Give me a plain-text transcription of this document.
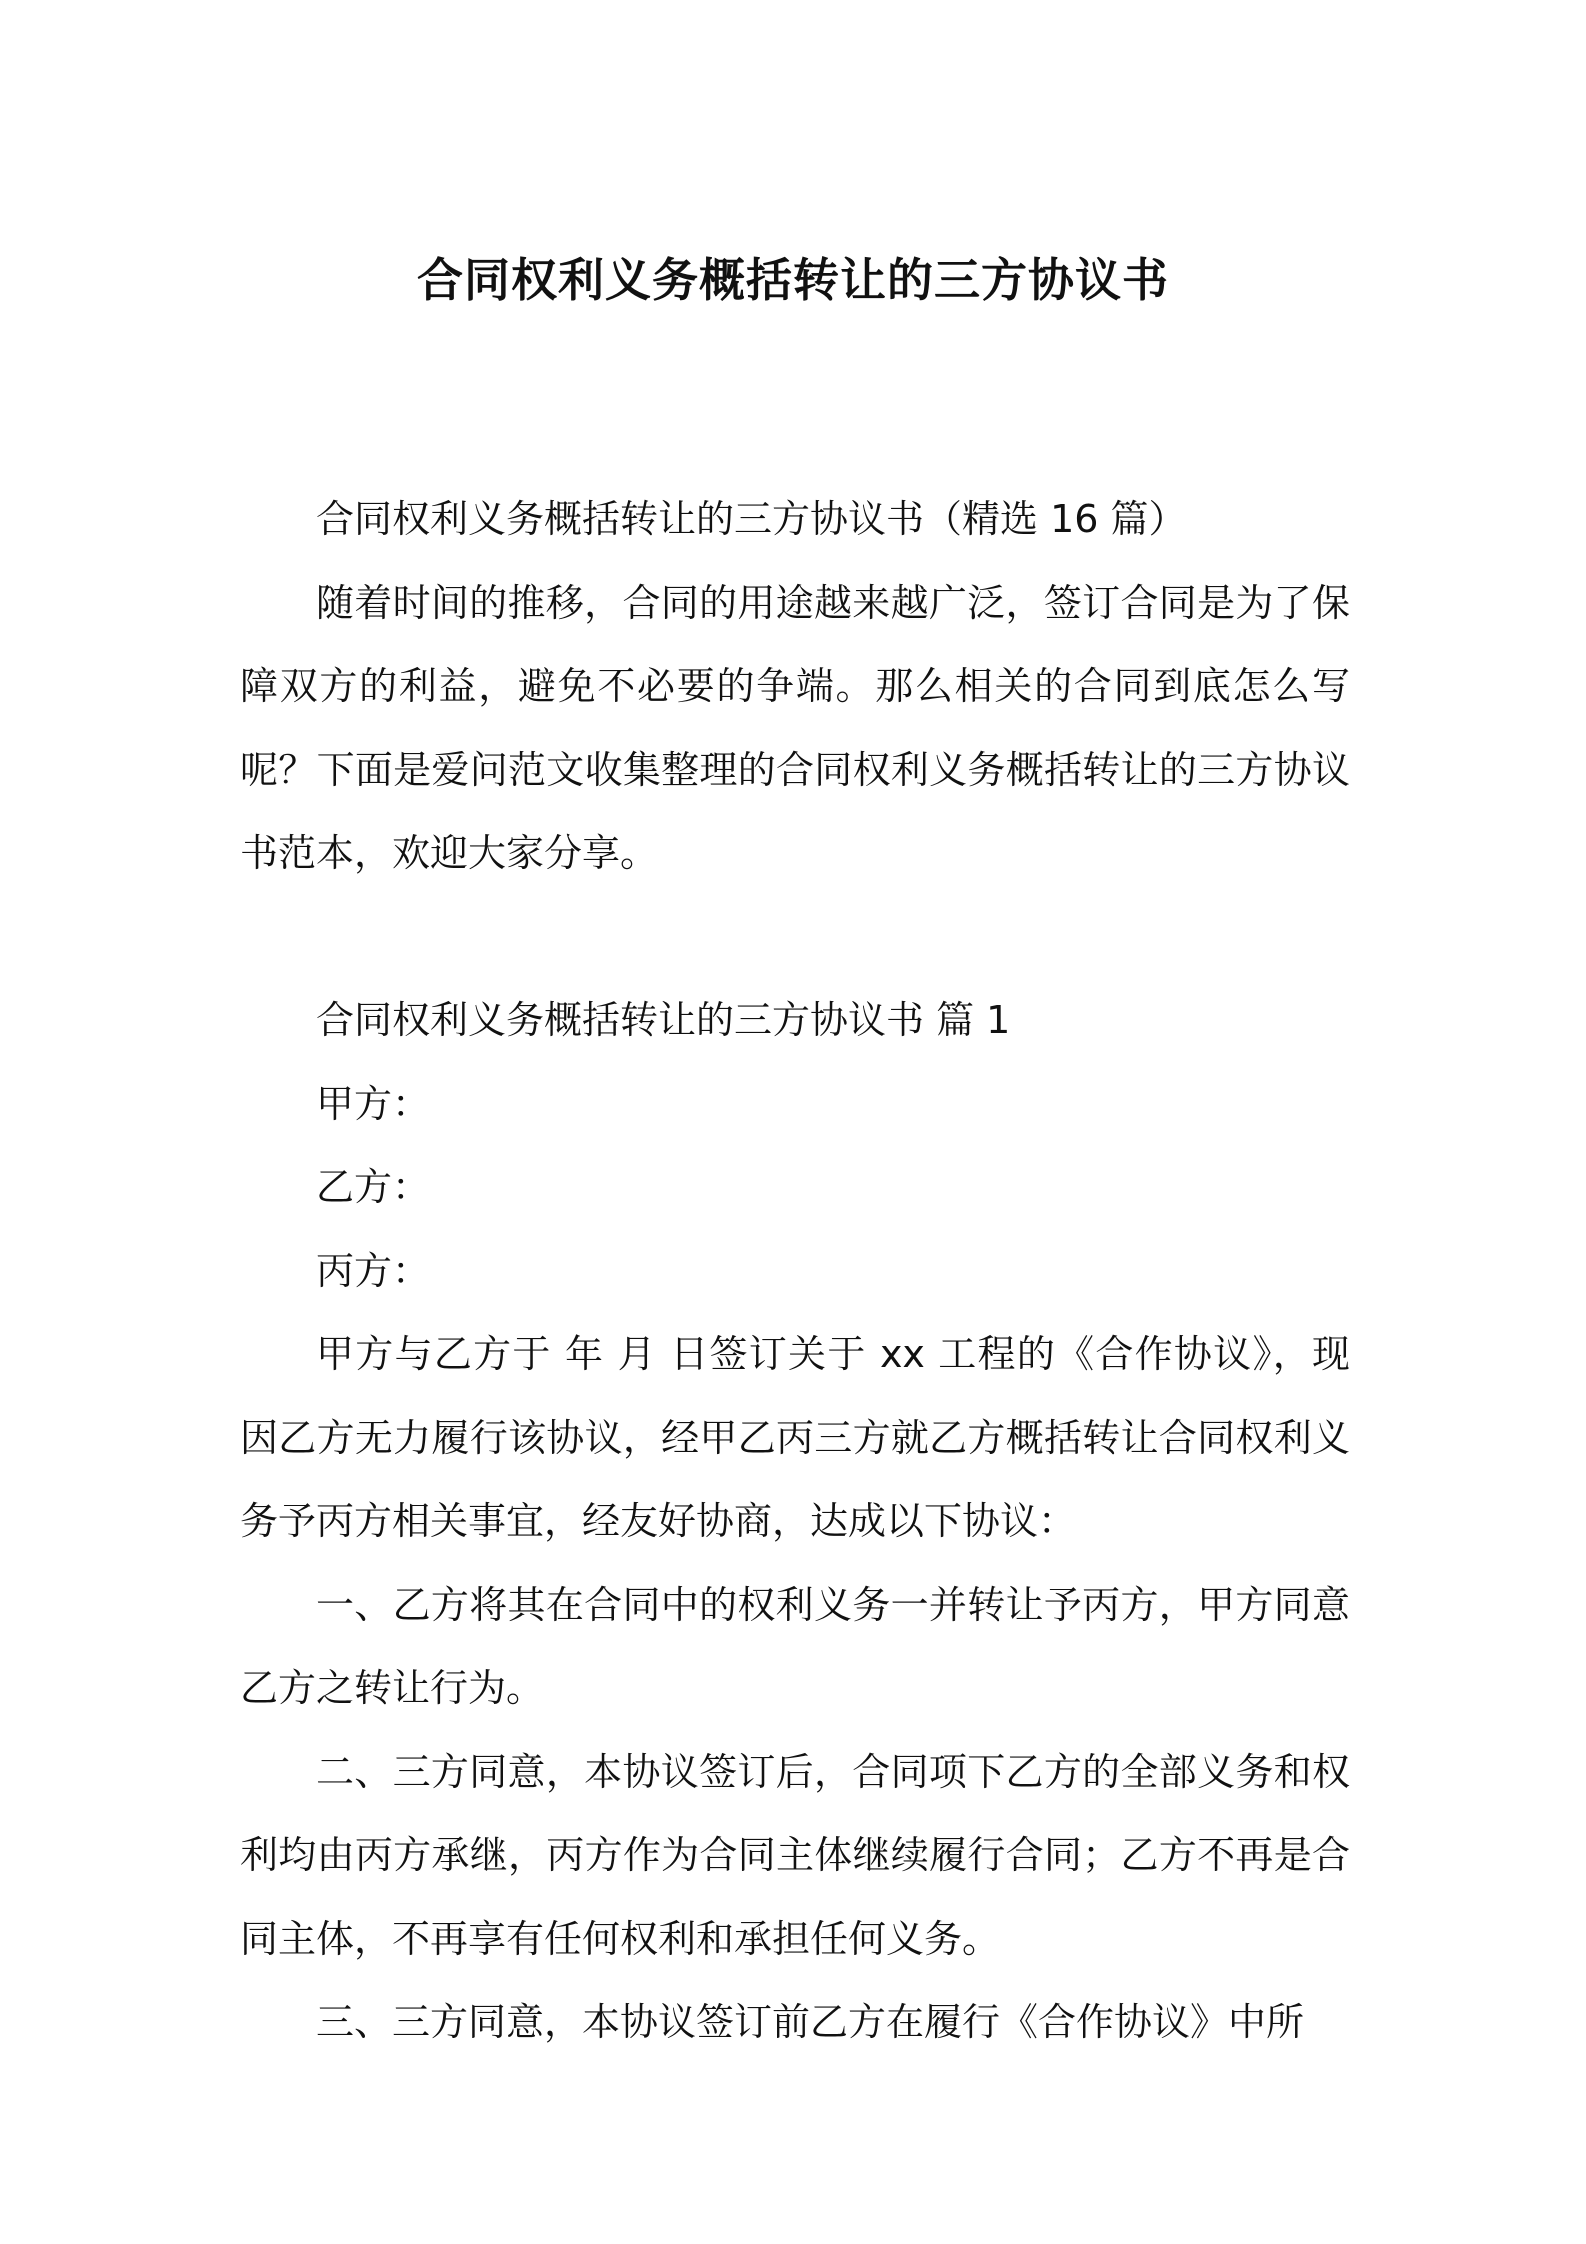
合同权利义务概括转让的三方协议书

合同权利义务概括转让的三方协议书（精选 16 篇）

随着时间的推移，合同的用途越来越广泛，签订合同是为了保障双方的利益，避免不必要的争端。那么相关的合同到底怎么写呢？下面是爱问范文收集整理的合同权利义务概括转让的三方协议书范本，欢迎大家分享。

合同权利义务概括转让的三方协议书 篇 1

甲方：

乙方：

丙方：

甲方与乙方于 年 月 日签订关于 xx 工程的《合作协议》，现因乙方无力履行该协议，经甲乙丙三方就乙方概括转让合同权利义务予丙方相关事宜，经友好协商，达成以下协议：

一、乙方将其在合同中的权利义务一并转让予丙方，甲方同意乙方之转让行为。

二、三方同意，本协议签订后，合同项下乙方的全部义务和权利均由丙方承继，丙方作为合同主体继续履行合同；乙方不再是合同主体，不再享有任何权利和承担任何义务。

三、三方同意，本协议签订前乙方在履行《合作协议》中所
